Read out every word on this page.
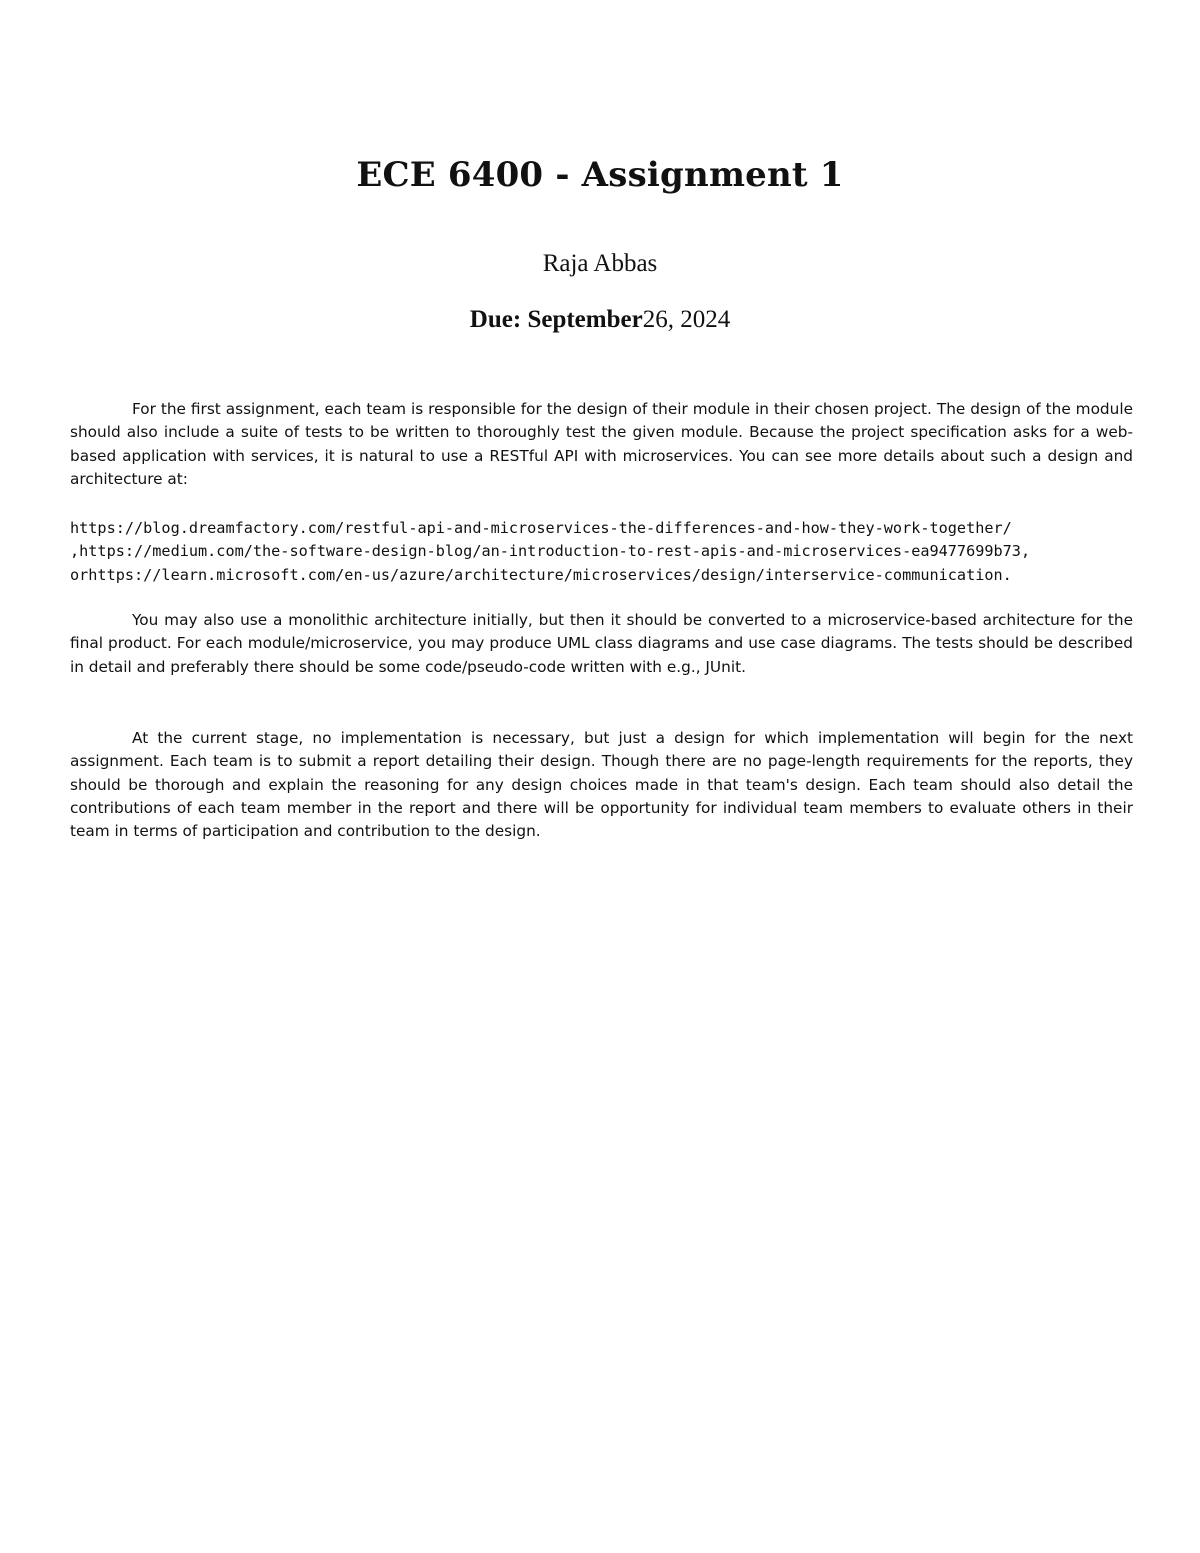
ECE 6400 - Assignment 1
Raja Abbas
Due: September26, 2024

For the first assignment, each team is responsible for the design of their module in their chosen project. The design of the module should also include a suite of tests to be written to thoroughly test the given module. Because the project specification asks for a web-based application with services, it is natural to use a RESTful API with microservices. You can see more details about such a design and architecture at:

https://blog.dreamfactory.com/restful-api-and-microservices-the-differences-and-how-they-work-together/
,https://medium.com/the-software-design-blog/an-introduction-to-rest-apis-and-microservices-ea9477699b73,
orhttps://learn.microsoft.com/en-us/azure/architecture/microservices/design/interservice-communication.

You may also use a monolithic architecture initially, but then it should be converted to a microservice-based architecture for the final product. For each module/microservice, you may produce UML class diagrams and use case diagrams. The tests should be described in detail and preferably there should be some code/pseudo-code written with e.g., JUnit.

At the current stage, no implementation is necessary, but just a design for which implementation will begin for the next assignment. Each team is to submit a report detailing their design. Though there are no page-length requirements for the reports, they should be thorough and explain the reasoning for any design choices made in that team's design. Each team should also detail the contributions of each team member in the report and there will be opportunity for individual team members to evaluate others in their team in terms of participation and contribution to the design.
